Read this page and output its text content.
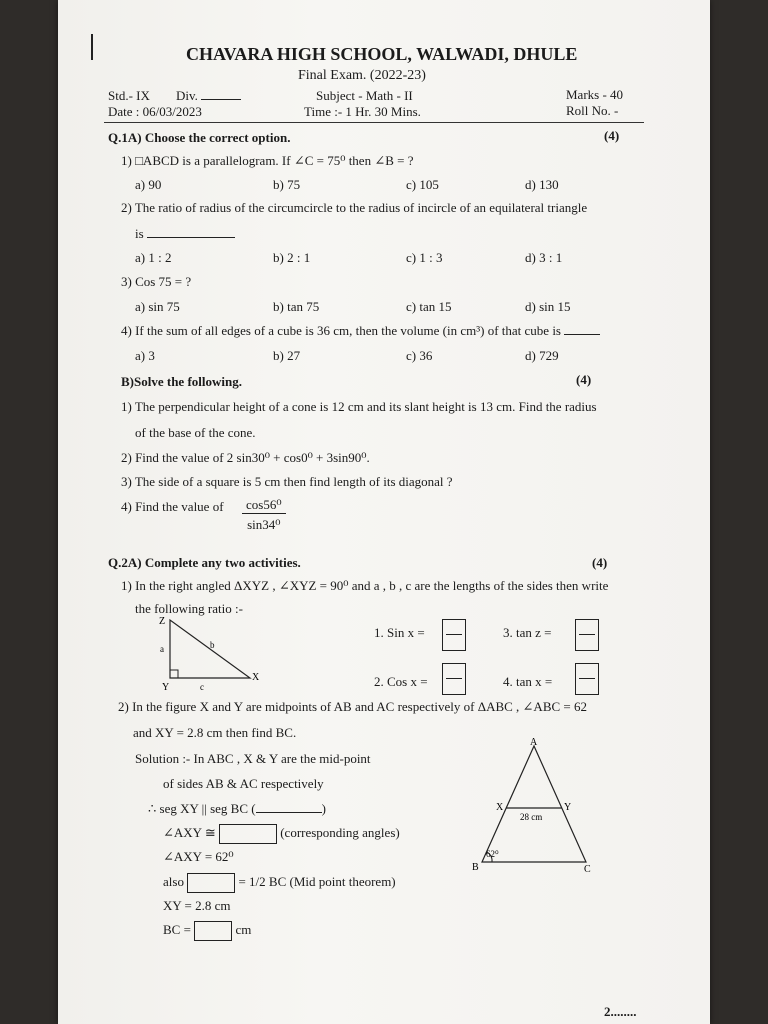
CHAVARA HIGH SCHOOL, WALWADI, DHULE
Final Exam. (2022-23)
Std.- IX Div.	Subject - Math - II	Marks - 40
Date : 06/03/2023	Time :- 1 Hr. 30 Mins.	Roll No. -
Q.1A) Choose the correct option.	(4)
1) □ABCD is a parallelogram. If ∠C = 75⁰ then ∠B = ?
a) 90	b) 75	c) 105	d) 130
2) The ratio of radius of the circumcircle to the radius of incircle of an equilateral triangle
is
a) 1 : 2	b) 2 : 1	c) 1 : 3	d) 3 : 1
3) Cos 75 = ?
a) sin 75	b) tan 75	c) tan 15	d) sin 15
4) If the sum of all edges of a cube is 36 cm, then the volume (in cm³) of that cube is
a) 3	b) 27	c) 36	d) 729
B)Solve the following.	(4)
1) The perpendicular height of a cone is 12 cm and its slant height is 13 cm. Find the radius
of the base of the cone.
2) Find the value of 2 sin30⁰ + cos0⁰ + 3sin90⁰.
3) The side of a square is 5 cm then find length of its diagonal ?
4) Find the value of $\frac{\text{cos56⁰}}{\text{sin34⁰}}$
Q.2A) Complete any two activities.	(4)
1) In the right angled ΔXYZ , ∠XYZ = 90⁰ and a , b , c are the lengths of the sides then write
the following ratio :-
Z
Y
X
a	b
c
1. Sin x =	3. tan z =
2. Cos x =	4. tan x =
2) In the figure X and Y are midpoints of AB and AC respectively of ΔABC , ∠ABC = 62
and XY = 2.8 cm then find BC.
Solution :- In ABC , X & Y are the mid-point
of sides AB & AC respectively
∴ seg XY || seg BC (	)
∠AXY ≅	(corresponding angles)
∠AXY = 62⁰
also	= 1/2 BC (Mid point theorem)
XY = 2.8 cm
BC =	cm
A
X	Y
B	C
28 cm
62⁰
2........
